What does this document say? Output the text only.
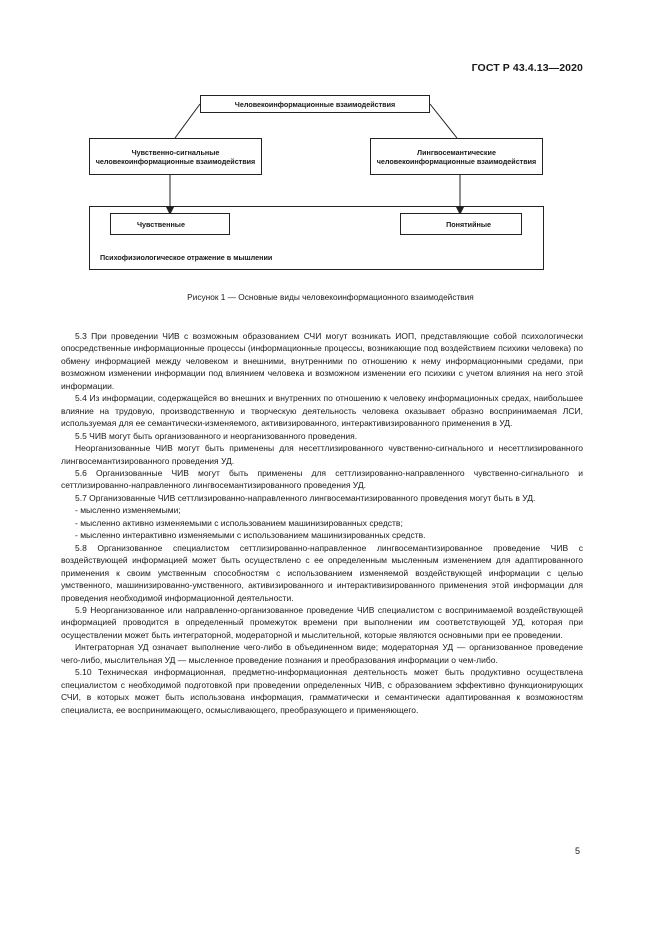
ГОСТ Р 43.4.13—2020
Человекоинформационные взаимодействия
Чувственно-сигнальные человекоинформационные взаимодействия
Лингвосемантические человекоинформационные взаимодействия
Чувственные	Понятийные
Психофизиологическое отражение в мышлении
Рисунок 1 — Основные виды человекоинформационного взаимодействия

5.3 При проведении ЧИВ с возможным образованием СЧИ могут возникать ИОП, представляющие собой психологически опосредственные информационные процессы (информационные процессы, возникающие под воздействием психики человека) по обмену информацией между человеком и внешними, внутренними по отношению к нему информационными средами, при возможном изменении информации под влиянием человека и возможном изменении его психики с учетом влияния на него этой информации.

5.4 Из информации, содержащейся во внешних и внутренних по отношению к человеку информационных средах, наибольшее влияние на трудовую, производственную и творческую деятельность человека оказывает образно воспринимаемая ЛСИ, используемая для ее семантически-изменяемого, активизированного, интерактивизированного применения в УД.

5.5 ЧИВ могут быть организованного и неорганизованного проведения.

Неорганизованные ЧИВ могут быть применены для несеттлизированного чувственно-сигнального и несеттлизированного лингвосемантизированного проведения УД.

5.6 Организованные ЧИВ могут быть применены для сеттлизированно-направленного чувственно-сигнального и сеттлизированно-направленного лингвосемантизированного проведения УД.

5.7 Организованные ЧИВ сеттлизированно-направленного лингвосемантизированного проведения могут быть в УД.

- мысленно изменяемыми;

- мысленно активно изменяемыми с использованием машинизированных средств;

- мысленно интерактивно изменяемыми с использованием машинизированных средств.

5.8 Организованное специалистом сеттлизированно-направленное лингвосемантизированное проведение ЧИВ с воздействующей информацией может быть осуществлено с ее определенным мысленным изменением для адаптированного применения к своим умственным способностям с использованием изменяемой воздействующей информации с целью умственного, машинизированно-умственного, активизированного и интерактивизированного применения этой информации для проведения необходимой информационной деятельности.

5.9 Неорганизованное или направленно-организованное проведение ЧИВ специалистом с воспринимаемой воздействующей информацией проводится в определенный промежуток времени при выполнении им соответствующей УД, которая при осуществлении может быть интеграторной, модераторной и мыслительной, которые являются основными при ее проведении.

Интеграторная УД означает выполнение чего-либо в объединенном виде; модераторная УД — организованное проведение чего-либо, мыслительная УД — мысленное проведение познания и преобразования информации о чем-либо.

5.10 Техническая информационная, предметно-информационная деятельность может быть продуктивно осуществлена специалистом с необходимой подготовкой при проведении определенных ЧИВ, с образованием эффективно функционирующих СЧИ, в которых может быть использована информация, грамматически и семантически адаптированная к возможностям специалиста, ее воспринимающего, осмысливающего, преобразующего и применяющего.

5
